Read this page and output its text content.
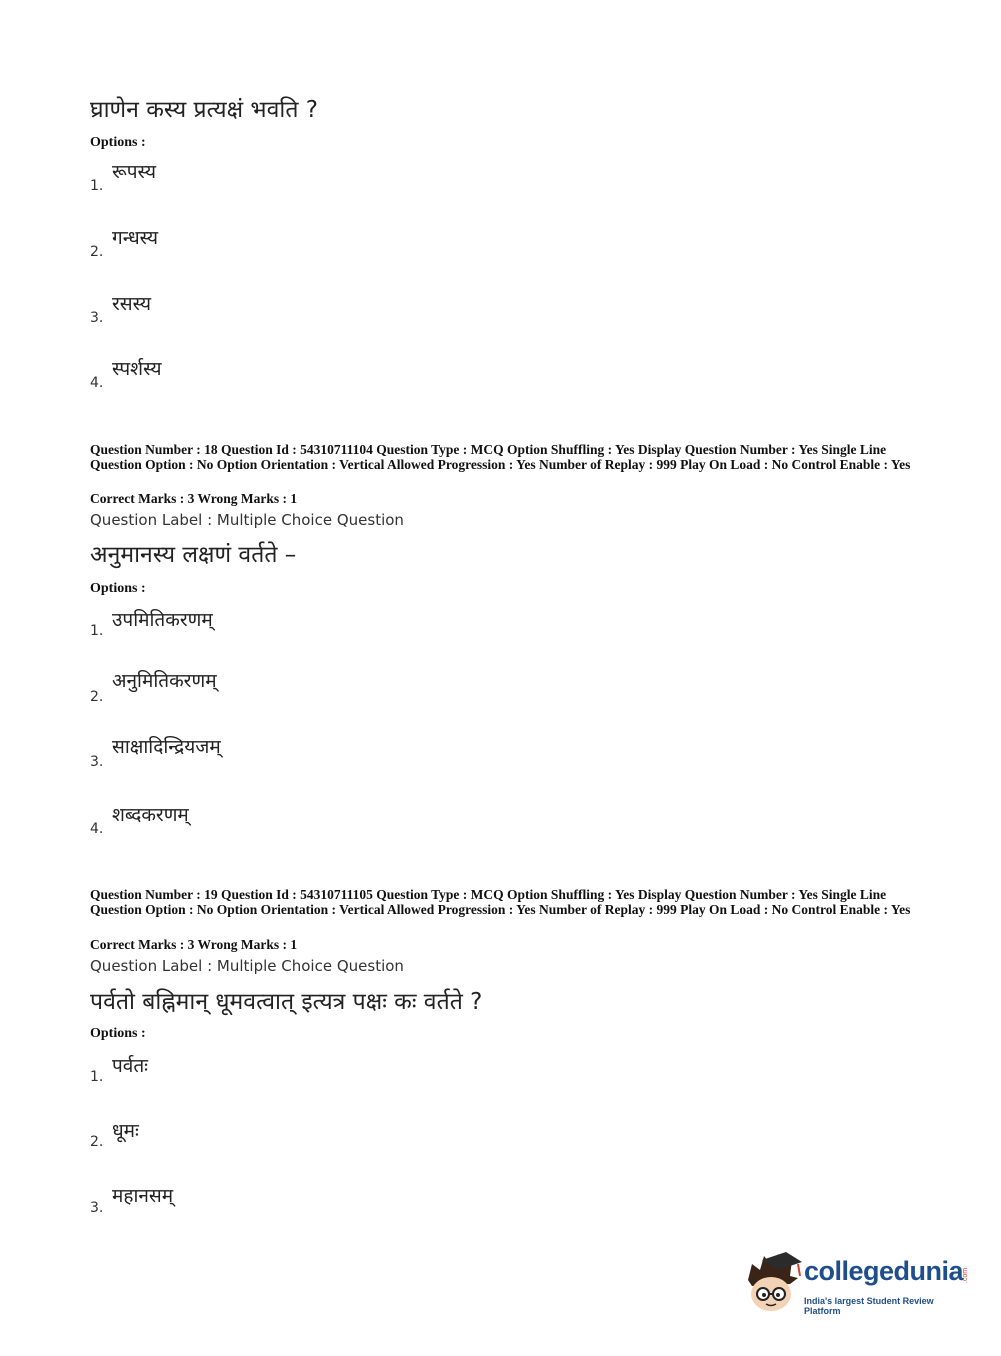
घ्राणेन कस्य प्रत्यक्षं भवति ?
Options :
रूपस्य
1.
गन्धस्य
2.
रसस्य
3.
स्पर्शस्य
4.
Question Number : 18 Question Id : 54310711104 Question Type : MCQ Option Shuffling : Yes Display Question Number : Yes Single Line Question Option : No Option Orientation : Vertical Allowed Progression : Yes Number of Replay : 999 Play On Load : No Control Enable : Yes
Correct Marks : 3 Wrong Marks : 1
Question Label : Multiple Choice Question
अनुमानस्य लक्षणं वर्तते –
Options :
उपमितिकरणम्
1.
अनुमितिकरणम्
2.
साक्षादिन्द्रियजम्
3.
शब्दकरणम्
4.
Question Number : 19 Question Id : 54310711105 Question Type : MCQ Option Shuffling : Yes Display Question Number : Yes Single Line Question Option : No Option Orientation : Vertical Allowed Progression : Yes Number of Replay : 999 Play On Load : No Control Enable : Yes
Correct Marks : 3 Wrong Marks : 1
Question Label : Multiple Choice Question
पर्वतो बह्निमान् धूमवत्वात् इत्यत्र पक्षः कः वर्तते ?
Options :
पर्वतः
1.
धूमः
2.
महानसम्
3.
collegedunia .com
India's largest Student Review Platform
